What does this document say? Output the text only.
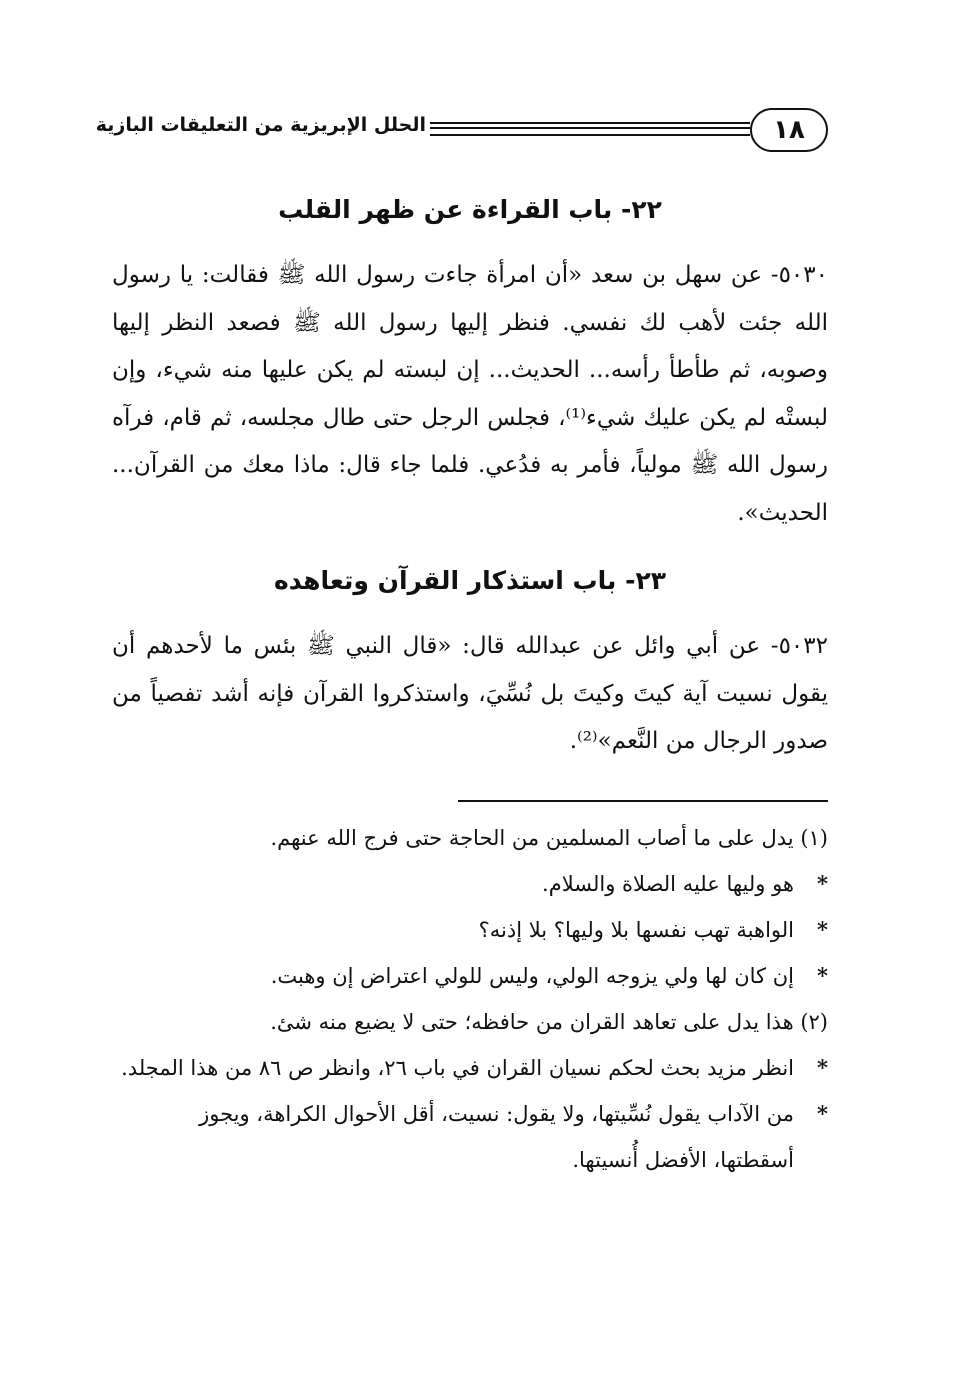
١٨
الحلل الإبريزية من التعليقات البازية
٢٢- باب القراءة عن ظهر القلب

٥٠٣٠- عن سهل بن سعد «أن امرأة جاءت رسول الله ﷺ فقالت: يا رسول الله جئت لأهب لك نفسي. فنظر إليها رسول الله ﷺ فصعد النظر إليها وصوبه، ثم طأطأ رأسه... الحديث... إن لبسته لم يكن عليها منه شيء، وإن لبستْه لم يكن عليك شيء⁽¹⁾، فجلس الرجل حتى طال مجلسه، ثم قام، فرآه رسول الله ﷺ مولياً، فأمر به فدُعي. فلما جاء قال: ماذا معك من القرآن... الحديث».

٢٣- باب استذكار القرآن وتعاهده

٥٠٣٢- عن أبي وائل عن عبدالله قال: «قال النبي ﷺ بئس ما لأحدهم أن يقول نسيت آية كيتَ وكيتَ بل نُسِّيَ، واستذكروا القرآن فإنه أشد تفصياً من صدور الرجال من النَّعم»⁽²⁾.

(١) يدل على ما أصاب المسلمين من الحاجة حتى فرج الله عنهم.

*
هو وليها عليه الصلاة والسلام.

*
الواهبة تهب نفسها بلا وليها؟ بلا إذنه؟

*
إن كان لها ولي يزوجه الولي، وليس للولي اعتراض إن وهبت.

(٢) هذا يدل على تعاهد القران من حافظه؛ حتى لا يضيع منه شئ.

*
انظر مزيد بحث لحكم نسيان القران في باب ٢٦، وانظر ص ٨٦ من هذا المجلد.

*
من الآداب يقول نُسِّيتها، ولا يقول: نسيت، أقل الأحوال الكراهة، ويجوز أسقطتها، الأفضل أُنسيتها.
